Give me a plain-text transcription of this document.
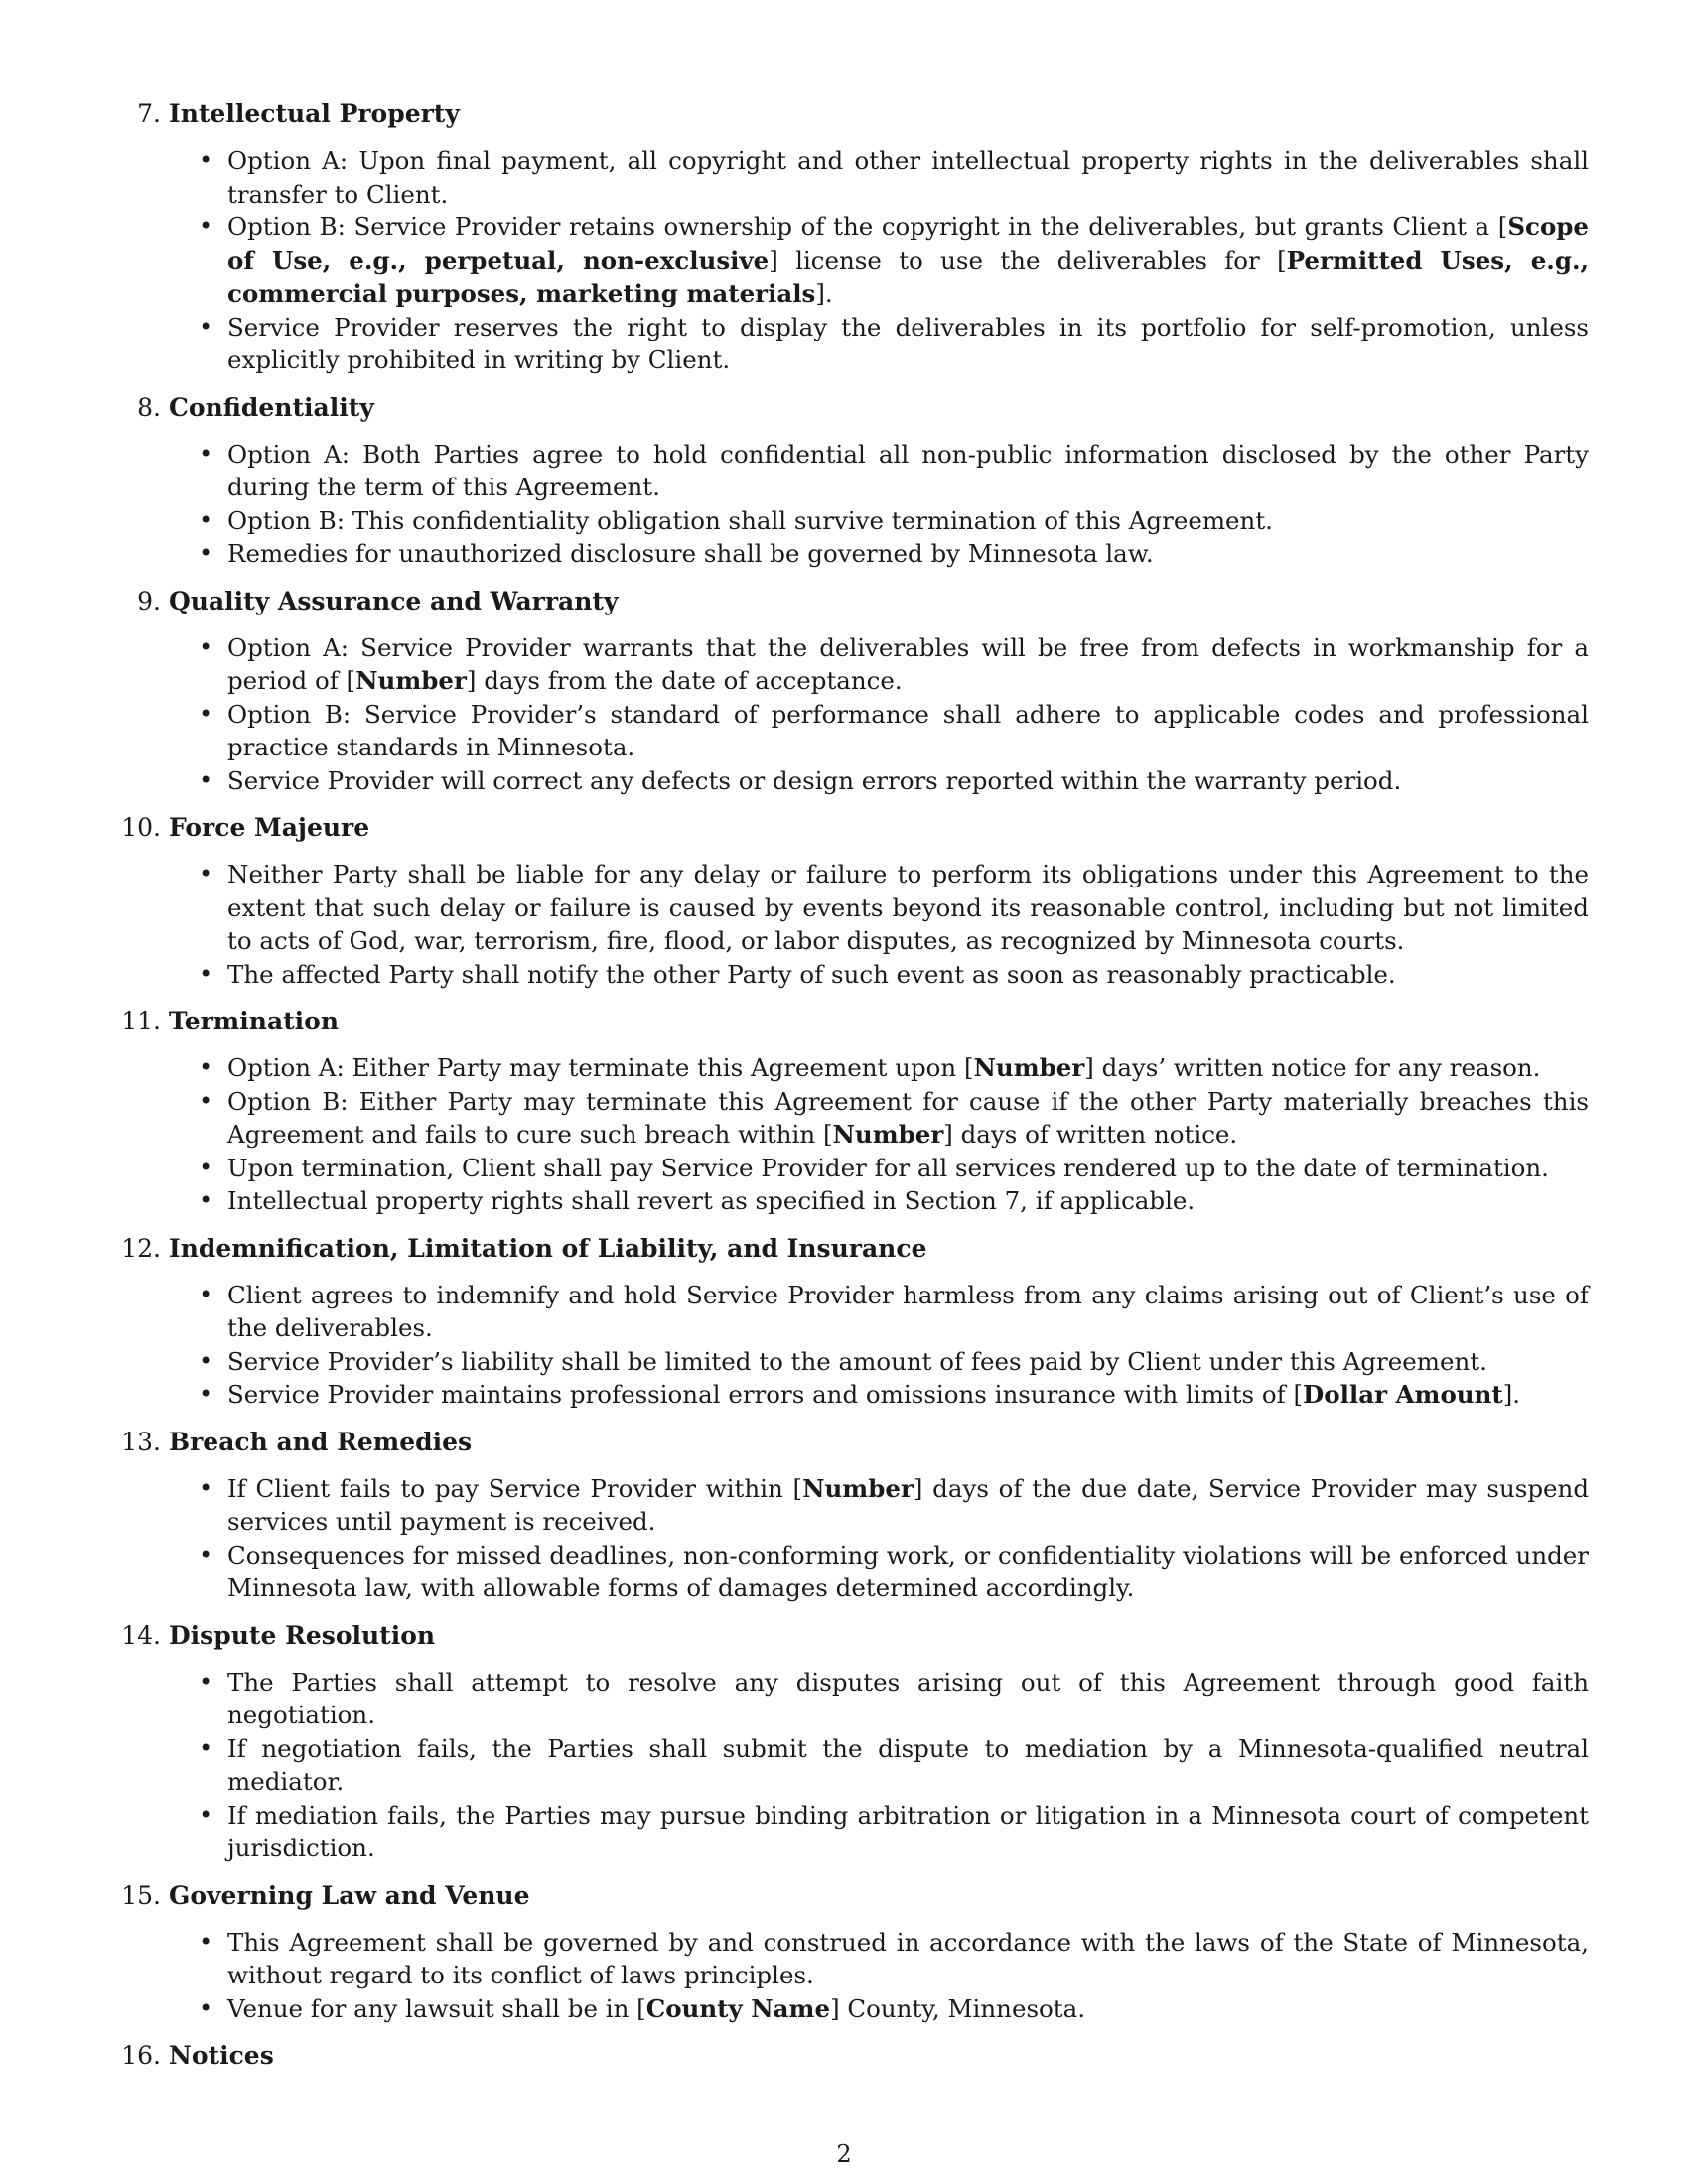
7. Intellectual Property
• Option A: Upon final payment, all copyright and other intellectual property rights in the deliverables shall transfer to Client.
• Option B: Service Provider retains ownership of the copyright in the deliverables, but grants Client a [Scope of Use, e.g., perpetual, non-exclusive] license to use the deliverables for [Permitted Uses, e.g., commercial purposes, marketing materials].
• Service Provider reserves the right to display the deliverables in its portfolio for self-promotion, unless explicitly prohibited in writing by Client.
8. Confidentiality
• Option A: Both Parties agree to hold confidential all non-public information disclosed by the other Party during the term of this Agreement.
• Option B: This confidentiality obligation shall survive termination of this Agreement.
• Remedies for unauthorized disclosure shall be governed by Minnesota law.
9. Quality Assurance and Warranty
• Option A: Service Provider warrants that the deliverables will be free from defects in workmanship for a period of [Number] days from the date of acceptance.
• Option B: Service Provider’s standard of performance shall adhere to applicable codes and professional practice standards in Minnesota.
• Service Provider will correct any defects or design errors reported within the warranty period.
10. Force Majeure
• Neither Party shall be liable for any delay or failure to perform its obligations under this Agreement to the extent that such delay or failure is caused by events beyond its reasonable control, including but not limited to acts of God, war, terrorism, fire, flood, or labor disputes, as recognized by Minnesota courts.
• The affected Party shall notify the other Party of such event as soon as reasonably practicable.
11. Termination
• Option A: Either Party may terminate this Agreement upon [Number] days’ written notice for any reason.
• Option B: Either Party may terminate this Agreement for cause if the other Party materially breaches this Agreement and fails to cure such breach within [Number] days of written notice.
• Upon termination, Client shall pay Service Provider for all services rendered up to the date of termination.
• Intellectual property rights shall revert as specified in Section 7, if applicable.
12. Indemnification, Limitation of Liability, and Insurance
• Client agrees to indemnify and hold Service Provider harmless from any claims arising out of Client’s use of the deliverables.
• Service Provider’s liability shall be limited to the amount of fees paid by Client under this Agreement.
• Service Provider maintains professional errors and omissions insurance with limits of [Dollar Amount].
13. Breach and Remedies
• If Client fails to pay Service Provider within [Number] days of the due date, Service Provider may suspend services until payment is received.
• Consequences for missed deadlines, non-conforming work, or confidentiality violations will be enforced under Minnesota law, with allowable forms of damages determined accordingly.
14. Dispute Resolution
• The Parties shall attempt to resolve any disputes arising out of this Agreement through good faith negotiation.
• If negotiation fails, the Parties shall submit the dispute to mediation by a Minnesota-qualified neutral mediator.
• If mediation fails, the Parties may pursue binding arbitration or litigation in a Minnesota court of competent jurisdiction.
15. Governing Law and Venue
• This Agreement shall be governed by and construed in accordance with the laws of the State of Minnesota, without regard to its conflict of laws principles.
• Venue for any lawsuit shall be in [County Name] County, Minnesota.
16. Notices
2
